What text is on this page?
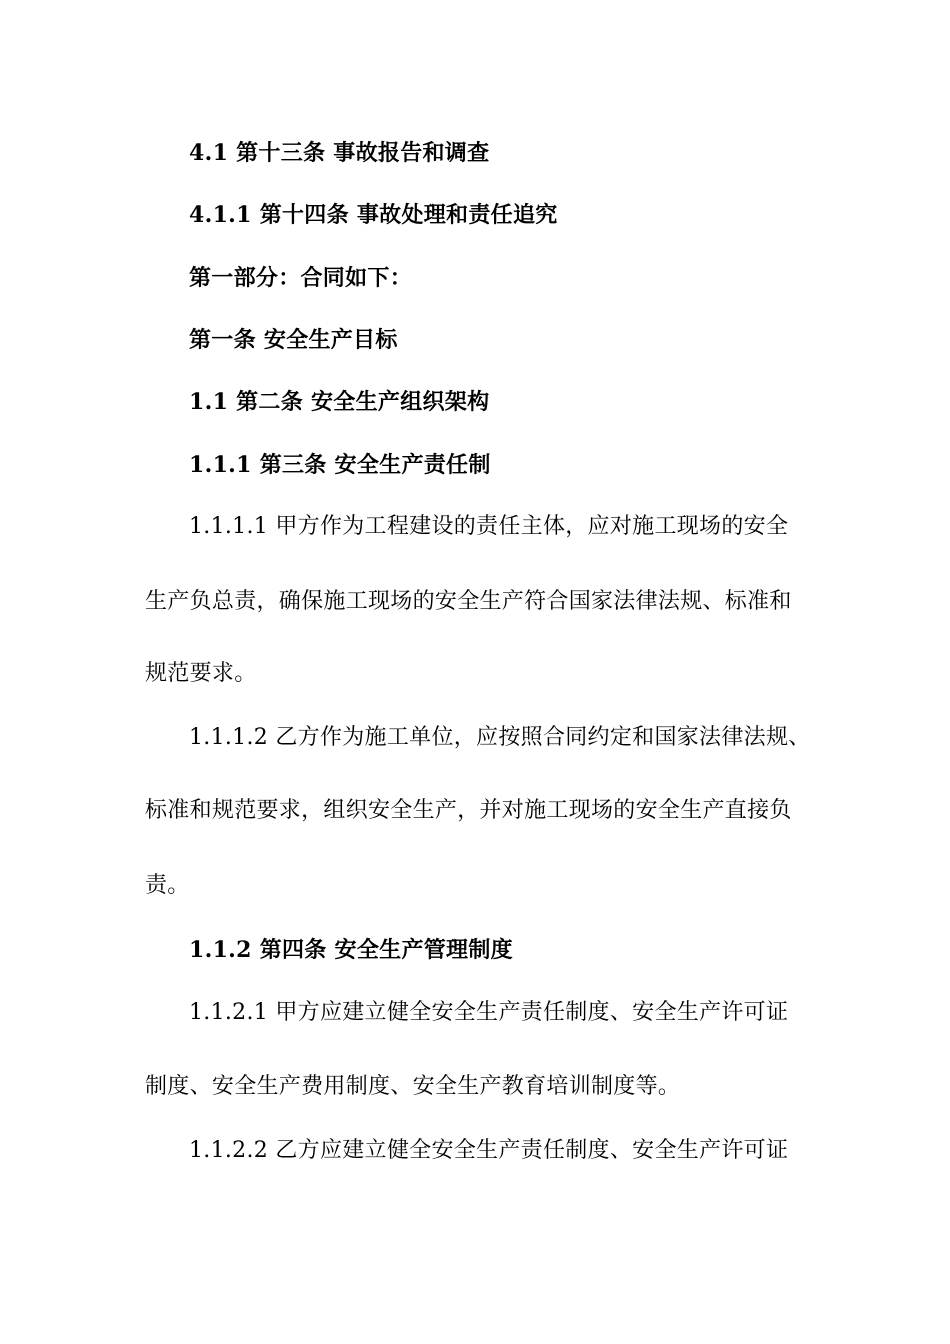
4.1 第十三条 事故报告和调查
4.1.1 第十四条 事故处理和责任追究
第一部分：合同如下：
第一条 安全生产目标
1.1 第二条 安全生产组织架构
1.1.1 第三条 安全生产责任制
1.1.1.1 甲方作为工程建设的责任主体，应对施工现场的安全
生产负总责，确保施工现场的安全生产符合国家法律法规、标准和
规范要求。
1.1.1.2 乙方作为施工单位，应按照合同约定和国家法律法规、
标准和规范要求，组织安全生产，并对施工现场的安全生产直接负
责。
1.1.2 第四条 安全生产管理制度
1.1.2.1 甲方应建立健全安全生产责任制度、安全生产许可证
制度、安全生产费用制度、安全生产教育培训制度等。
1.1.2.2 乙方应建立健全安全生产责任制度、安全生产许可证
